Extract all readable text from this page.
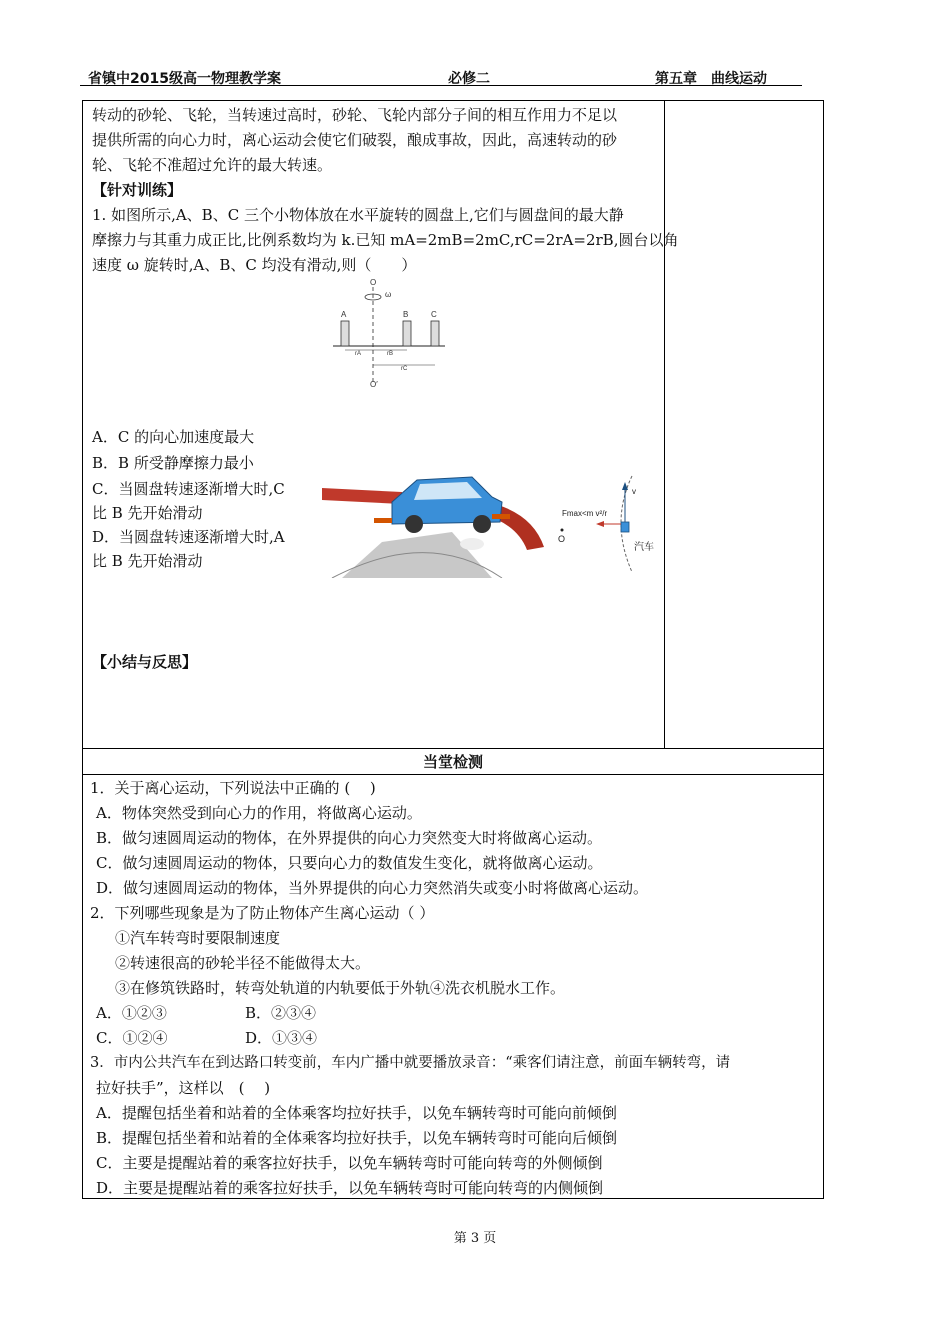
省镇中2015级高一物理教学案	必修二	第五章　曲线运动
转动的砂轮、飞轮，当转速过高时，砂轮、飞轮内部分子间的相互作用力不足以
提供所需的向心力时，离心运动会使它们破裂，酿成事故，因此，高速转动的砂
轮、飞轮不准超过允许的最大转速。
【针对训练】
1. 如图所示,A、B、C 三个小物体放在水平旋转的圆盘上,它们与圆盘间的最大静
摩擦力与其重力成正比,比例系数均为 k.已知 mA=2mB=2mC,rC=2rA=2rB,圆台以角
速度 ω 旋转时,A、B、C 均没有滑动,则（　　）
O
ω
A	B	C
rA	rB
rC
O′
A．C 的向心加速度最大
B．B 所受静摩擦力最小
C．当圆盘转速逐渐增大时,C
比 B 先开始滑动
D．当圆盘转速逐渐增大时,A
比 B 先开始滑动
v
Fmax<m v²/r
O
汽车
【小结与反思】
当堂检测
1．关于离心运动，下列说法中正确的 (　 )
A．物体突然受到向心力的作用，将做离心运动。
B．做匀速圆周运动的物体，在外界提供的向心力突然变大时将做离心运动。
C．做匀速圆周运动的物体，只要向心力的数值发生变化，就将做离心运动。
D．做匀速圆周运动的物体，当外界提供的向心力突然消失或变小时将做离心运动。
2．下列哪些现象是为了防止物体产生离心运动（ ）
①汽车转弯时要限制速度
②转速很高的砂轮半径不能做得太大。
③在修筑铁路时，转弯处轨道的内轨要低于外轨④洗衣机脱水工作。
A．①②③	B．②③④
C．①②④	D．①③④
3．市内公共汽车在到达路口转变前，车内广播中就要播放录音：“乘客们请注意，前面车辆转弯，请
拉好扶手”，这样以　(　 )
A．提醒包括坐着和站着的全体乘客均拉好扶手，以免车辆转弯时可能向前倾倒
B．提醒包括坐着和站着的全体乘客均拉好扶手，以免车辆转弯时可能向后倾倒
C．主要是提醒站着的乘客拉好扶手，以免车辆转弯时可能向转弯的外侧倾倒
D．主要是提醒站着的乘客拉好扶手，以免车辆转弯时可能向转弯的内侧倾倒
第 3 页
